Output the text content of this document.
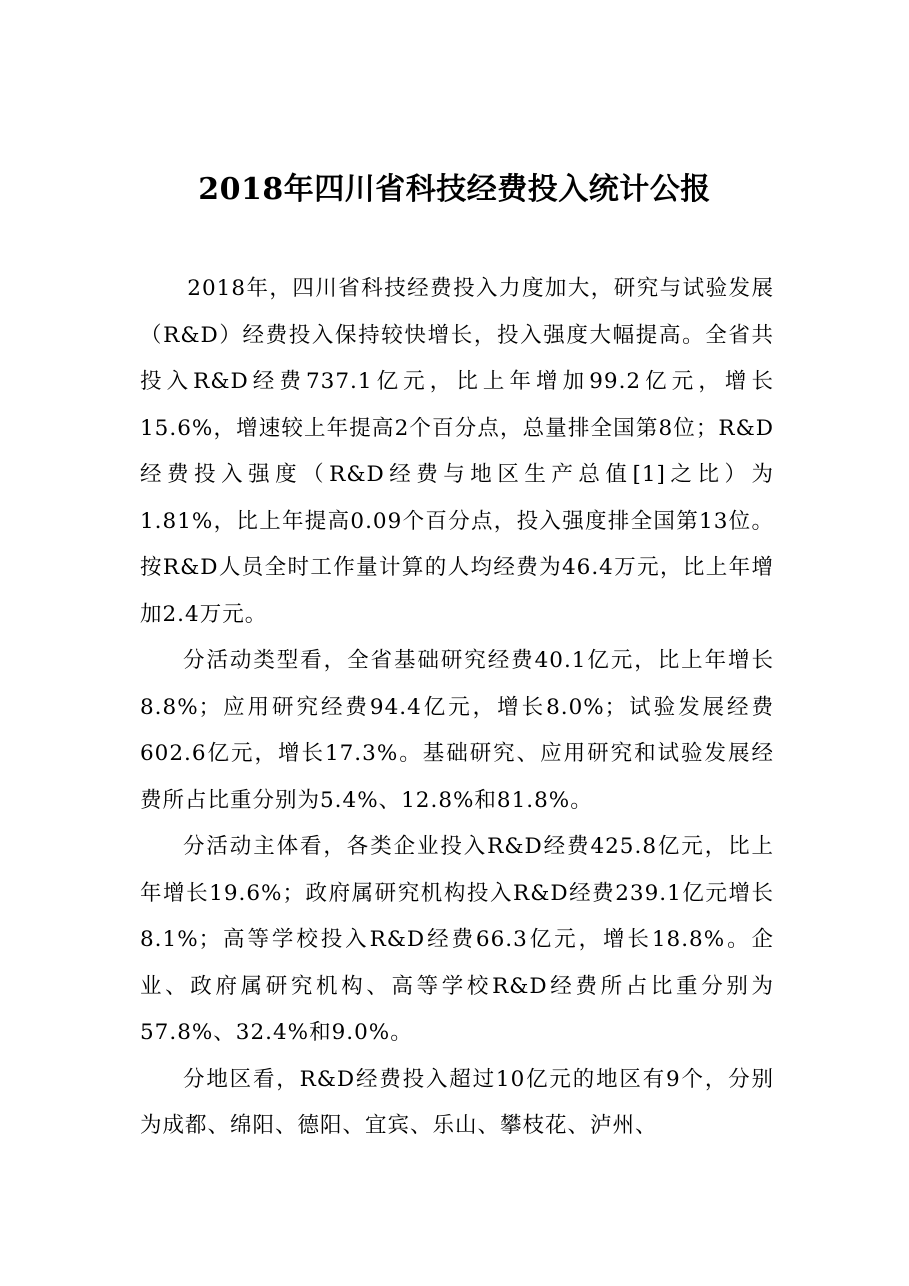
2018年四川省科技经费投入统计公报

2018年，四川省科技经费投入力度加大，研究与试验发展（R&D）经费投入保持较快增长，投入强度大幅提高。全省共投入R&D经费737.1亿元，比上年增加99.2亿元，增长15.6%，增速较上年提高2个百分点，总量排全国第8位；R&D经费投入强度（R&D经费与地区生产总值[1]之比）为1.81%，比上年提高0.09个百分点，投入强度排全国第13位。按R&D人员全时工作量计算的人均经费为46.4万元，比上年增加2.4万元。

分活动类型看，全省基础研究经费40.1亿元，比上年增长8.8%；应用研究经费94.4亿元，增长8.0%；试验发展经费602.6亿元，增长17.3%。基础研究、应用研究和试验发展经费所占比重分别为5.4%、12.8%和81.8%。

分活动主体看，各类企业投入R&D经费425.8亿元，比上年增长19.6%；政府属研究机构投入R&D经费239.1亿元增长8.1%；高等学校投入R&D经费66.3亿元，增长18.8%。企业、政府属研究机构、高等学校R&D经费所占比重分别为57.8%、32.4%和9.0%。

分地区看，R&D经费投入超过10亿元的地区有9个，分别为成都、绵阳、德阳、宜宾、乐山、攀枝花、泸州、
